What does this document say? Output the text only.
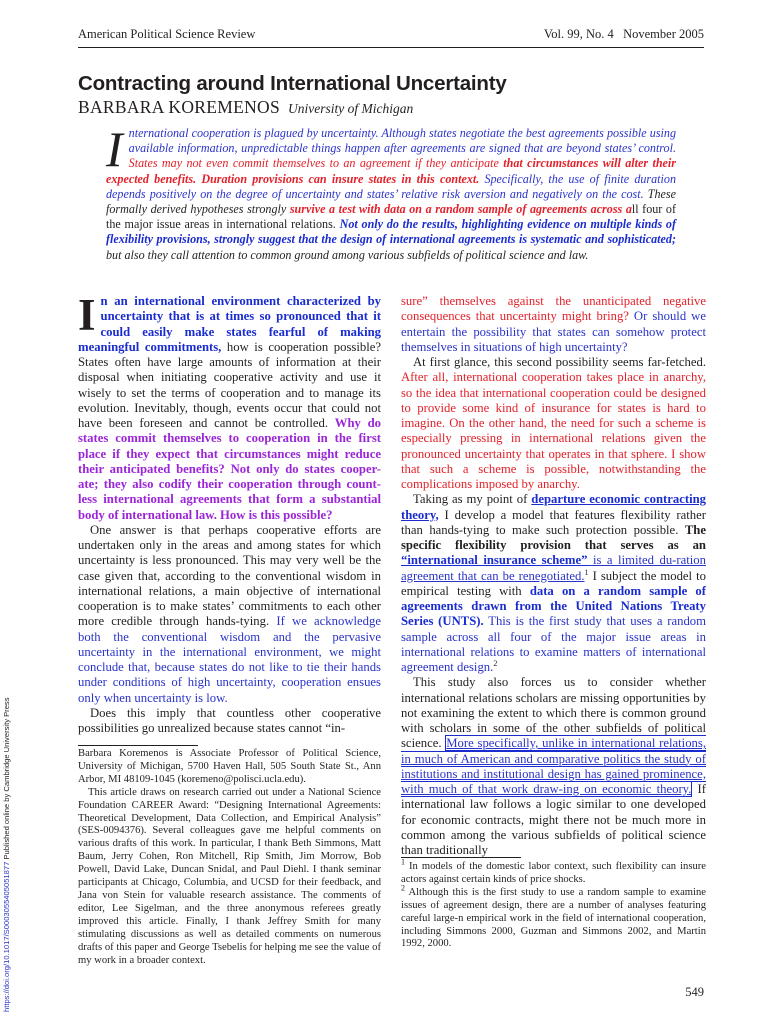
American Political Science Review	Vol. 99, No. 4   November 2005
Contracting around International Uncertainty
BARBARA KOREMENOS University of Michigan
International cooperation is plagued by uncertainty. Although states negotiate the best agreements possible using available information, unpredictable things happen after agreements are signed that are beyond states’ control. States may not even commit themselves to an agreement if they anticipate that circumstances will alter their expected benefits. Duration provisions can insure states in this context. Specifically, the use of finite duration depends positively on the degree of uncertainty and states’ relative risk aversion and negatively on the cost. These formally derived hypotheses strongly survive a test with data on a random sample of agreements across all four of the major issue areas in international relations. Not only do the results, highlighting evidence on multiple kinds of flexibility provisions, strongly suggest that the design of international agreements is systematic and sophisticated; but also they call attention to common ground among various subfields of political science and law.

In an international environment characterized by uncertainty that is at times so pronounced that it could easily make states fearful of making meaningful commitments, how is cooperation possible? States often have large amounts of information at their disposal when initiating cooperative activity and use it wisely to set the terms of cooperation and to manage its evolution. Inevitably, though, events occur that could not have been foreseen and cannot be controlled. Why do states commit themselves to cooperation in the first place if they expect that circumstances might reduce their anticipated benefits? Not only do states cooper-ate; they also codify their cooperation through count-less international agreements that form a substantial body of international law. How is this possible?

One answer is that perhaps cooperative efforts are undertaken only in the areas and among states for which uncertainty is less pronounced. This may very well be the case given that, according to the conventional wisdom in international relations, a main objective of international cooperation is to make states’ commitments to each other more credible through hands-tying. If we acknowledge both the conventional wisdom and the pervasive uncertainty in the international environment, we might conclude that, because states do not like to tie their hands under conditions of high uncertainty, cooperation ensues only when uncertainty is low.

Does this imply that countless other cooperative possibilities go unrealized because states cannot “in-

Barbara Koremenos is Associate Professor of Political Science, University of Michigan, 5700 Haven Hall, 505 South State St., Ann Arbor, MI 48109-1045 (koremeno@polisci.ucla.edu).

This article draws on research carried out under a National Science Foundation CAREER Award: “Designing International Agreements: Theoretical Development, Data Collection, and Empirical Analysis” (SES-0094376). Several colleagues gave me helpful comments on various drafts of this work. In particular, I thank Beth Simmons, Matt Baum, Jerry Cohen, Ron Mitchell, Rip Smith, Jim Morrow, Bob Powell, David Lake, Duncan Snidal, and Paul Diehl. I thank seminar participants at Chicago, Columbia, and UCSD for their feedback, and Jana von Stein for valuable research assistance. The comments of editor, Lee Sigelman, and the three anonymous referees greatly improved this article. Finally, I thank Jeffrey Smith for many stimulating discussions as well as detailed comments on numerous drafts of this paper and George Tsebelis for helping me see the value of my work in a broader context.

sure” themselves against the unanticipated negative consequences that uncertainty might bring? Or should we entertain the possibility that states can somehow protect themselves in situations of high uncertainty?

At first glance, this second possibility seems far-fetched. After all, international cooperation takes place in anarchy, so the idea that international cooperation could be designed to provide some kind of insurance for states is hard to imagine. On the other hand, the need for such a scheme is especially pressing in international relations given the pronounced uncertainty that operates in that sphere. I show that such a scheme is possible, notwithstanding the complications imposed by anarchy.

Taking as my point of departure economic contracting theory, I develop a model that features flexibility rather than hands-tying to make such protection possible. The specific flexibility provision that serves as an “international insurance scheme” is a limited du-ration agreement that can be renegotiated.$^1$ I subject the model to empirical testing with data on a random sample of agreements drawn from the United Nations Treaty Series (UNTS). This is the first study that uses a random sample across all four of the major issue areas in international relations to examine matters of international agreement design.$^2$

This study also forces us to consider whether international relations scholars are missing opportunities by not examining the extent to which there is common ground with scholars in some of the other subfields of political science. More specifically, unlike in international relations, in much of American and comparative politics the study of institutions and institutional design has gained prominence, with much of that work draw-ing on economic theory. If international law follows a logic similar to one developed for economic contracts, might there not be much more in common among the various subfields of political science than traditionally

$^1$ In models of the domestic labor context, such flexibility can insure actors against certain kinds of price shocks.

$^2$ Although this is the first study to use a random sample to examine issues of agreement design, there are a number of analyses featuring careful large-n empirical work in the field of international cooperation, including Simmons 2000, Guzman and Simmons 2002, and Martin 1992, 2000.

549
https://doi.org/10.1017/S0003055405051877 Published online by Cambridge University Press
